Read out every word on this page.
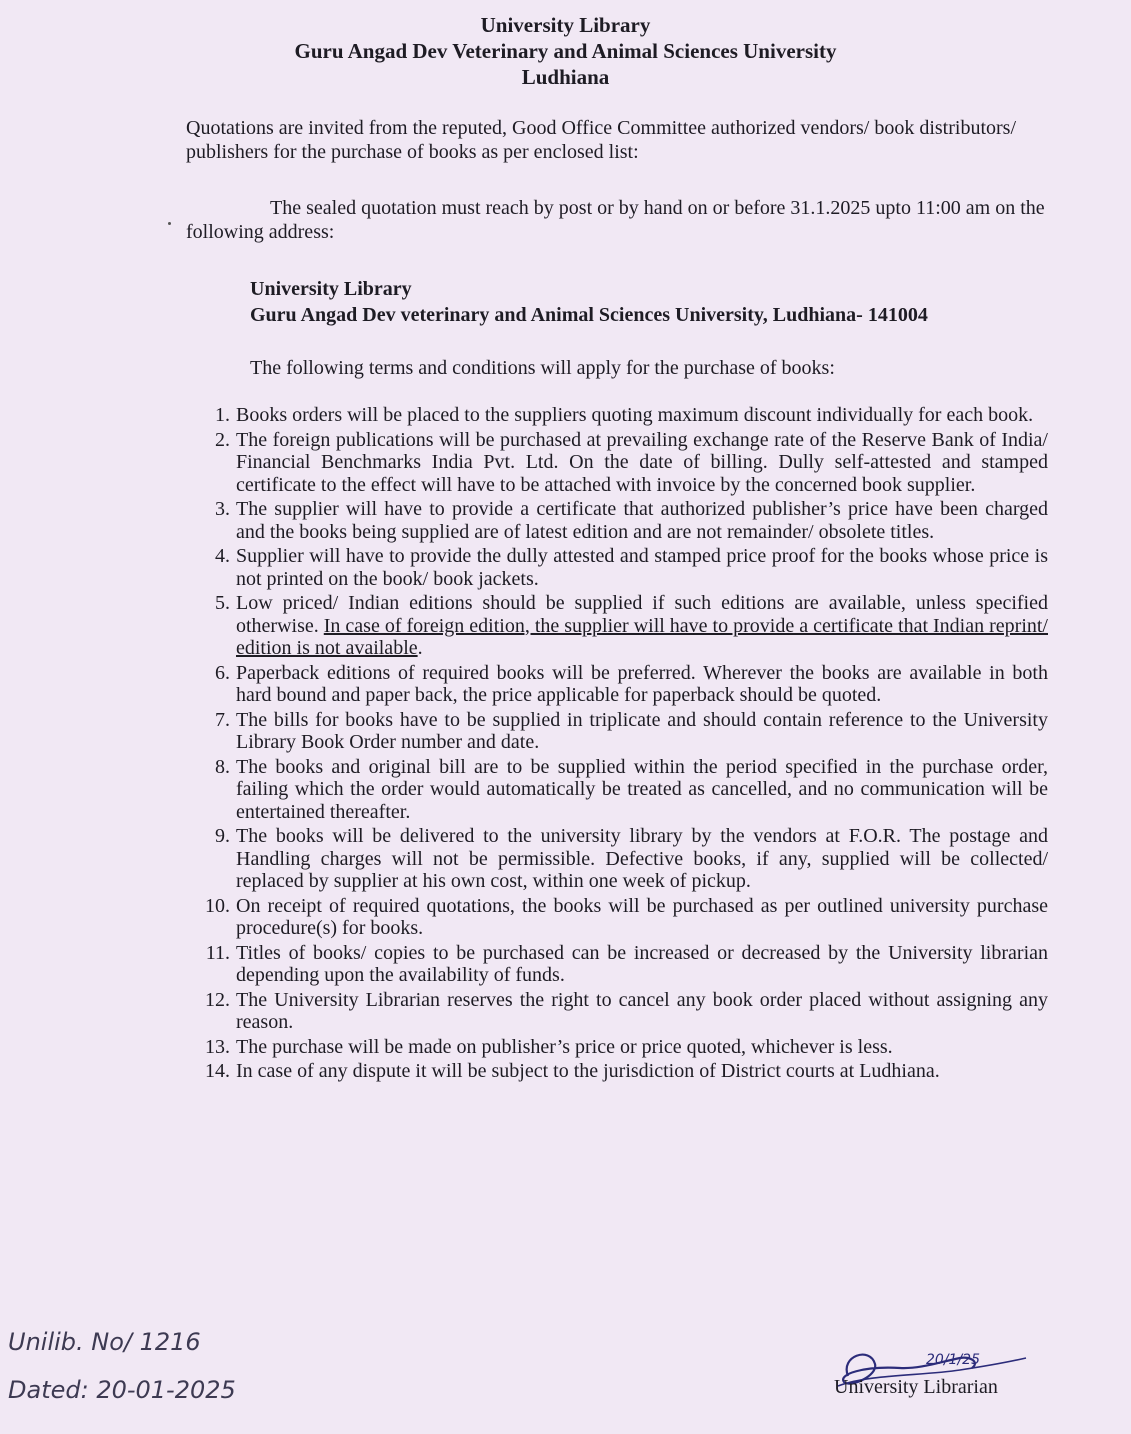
University Library
Guru Angad Dev Veterinary and Animal Sciences University
Ludhiana

Quotations are invited from the reputed, Good Office Committee authorized vendors/ book distributors/ publishers for the purchase of books as per enclosed list:

The sealed quotation must reach by post or by hand on or before 31.1.2025 upto 11:00 am on the following address:

University Library
Guru Angad Dev veterinary and Animal Sciences University, Ludhiana- 141004

The following terms and conditions will apply for the purchase of books:

1. Books orders will be placed to the suppliers quoting maximum discount individually for each book.
2. The foreign publications will be purchased at prevailing exchange rate of the Reserve Bank of India/ Financial Benchmarks India Pvt. Ltd. On the date of billing. Dully self-attested and stamped certificate to the effect will have to be attached with invoice by the concerned book supplier.
3. The supplier will have to provide a certificate that authorized publisher’s price have been charged and the books being supplied are of latest edition and are not remainder/ obsolete titles.
4. Supplier will have to provide the dully attested and stamped price proof for the books whose price is not printed on the book/ book jackets.
5. Low priced/ Indian editions should be supplied if such editions are available, unless specified otherwise. In case of foreign edition, the supplier will have to provide a certificate that Indian reprint/ edition is not available.
6. Paperback editions of required books will be preferred. Wherever the books are available in both hard bound and paper back, the price applicable for paperback should be quoted.
7. The bills for books have to be supplied in triplicate and should contain reference to the University Library Book Order number and date.
8. The books and original bill are to be supplied within the period specified in the purchase order, failing which the order would automatically be treated as cancelled, and no communication will be entertained thereafter.
9. The books will be delivered to the university library by the vendors at F.O.R. The postage and Handling charges will not be permissible. Defective books, if any, supplied will be collected/ replaced by supplier at his own cost, within one week of pickup.
10. On receipt of required quotations, the books will be purchased as per outlined university purchase procedure(s) for books.
11. Titles of books/ copies to be purchased can be increased or decreased by the University librarian depending upon the availability of funds.
12. The University Librarian reserves the right to cancel any book order placed without assigning any reason.
13. The purchase will be made on publisher’s price or price quoted, whichever is less.
14. In case of any dispute it will be subject to the jurisdiction of District courts at Ludhiana.
Unilib. No/ 1216
Dated: 20-01-2025
20/1/25
University Librarian
